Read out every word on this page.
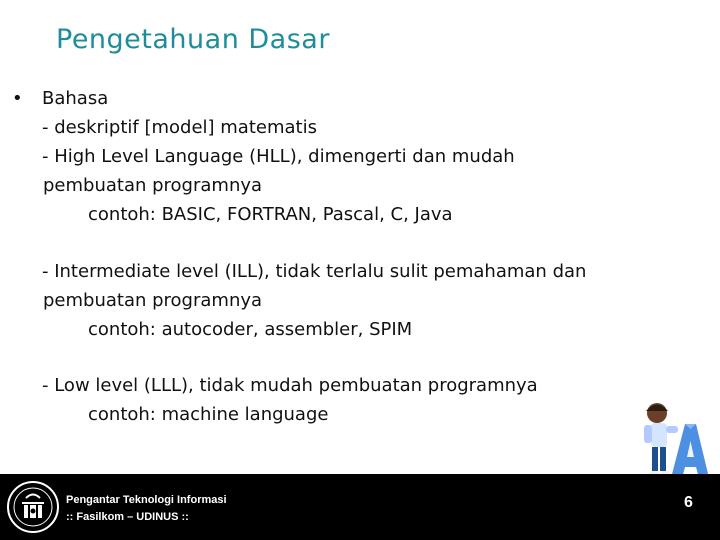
Pengetahuan Dasar
•	Bahasa
- deskriptif [model] matematis
- High Level Language (HLL), dimengerti dan mudah
pembuatan programnya
contoh: BASIC, FORTRAN, Pascal, C, Java
- Intermediate level (ILL), tidak terlalu sulit pemahaman dan
pembuatan programnya
contoh: autocoder, assembler, SPIM
- Low level (LLL), tidak mudah pembuatan programnya
contoh: machine language
Pengantar Teknologi Informasi
:: Fasilkom – UDINUS ::
6
